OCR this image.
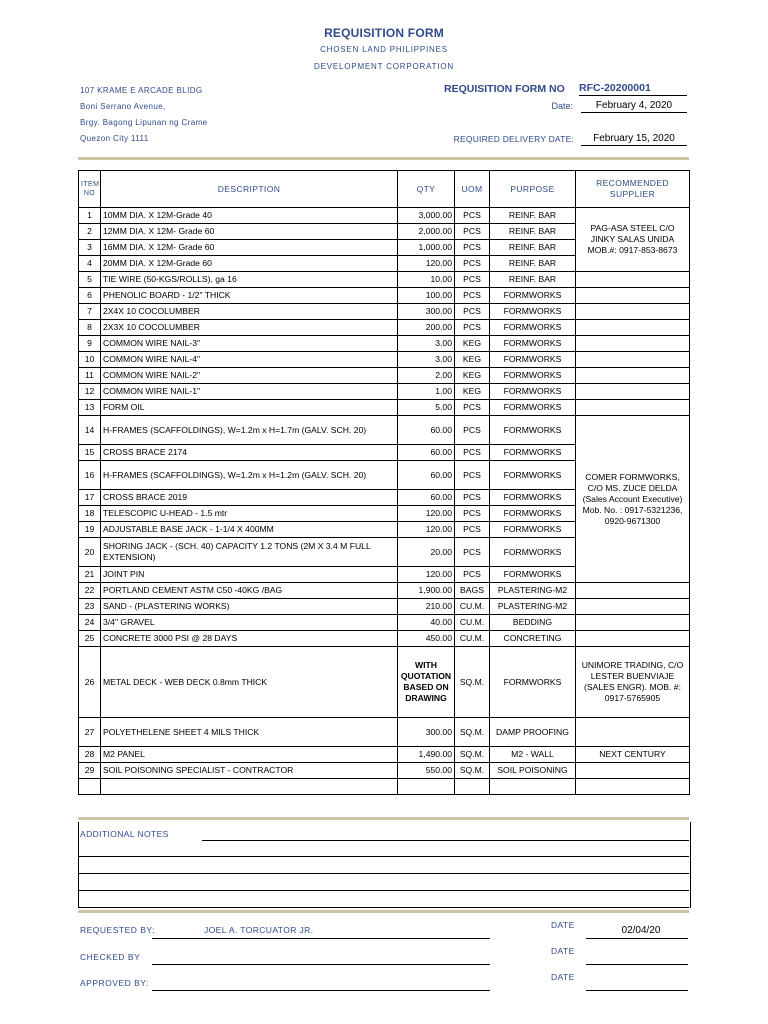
REQUISITION FORM
CHOSEN LAND PHILIPPINES
DEVELOPMENT CORPORATION
107 KRAME E ARCADE BLIDG
Boni Serrano Avenue,
Brgy. Bagong Lipunan ng Crame
Quezon City 1111
REQUISITION FORM NO RFC-20200001
Date:	February 4, 2020
REQUIRED DELIVERY DATE:	February 15, 2020
ITEM NO	DESCRIPTION	QTY	UOM	PURPOSE	RECOMMENDED SUPPLIER
1	10MM DIA. X 12M-Grade 40	3,000.00	PCS	REINF. BAR	PAG-ASA STEEL C/O JINKY SALAS UNIDA MOB.#: 0917-853-8673
2	12MM DIA. X 12M- Grade 60	2,000.00	PCS	REINF. BAR	
3	16MM DIA. X 12M- Grade 60	1,000.00	PCS	REINF. BAR	
4	20MM DIA. X 12M-Grade 60	120.00	PCS	REINF. BAR	
5	TIE WIRE (50-KGS/ROLLS), ga 16	10.00	PCS	REINF. BAR	
6	PHENOLIC BOARD - 1/2" THICK	100.00	PCS	FORMWORKS	
7	2X4X 10 COCOLUMBER	300.00	PCS	FORMWORKS	
8	2X3X 10 COCOLUMBER	200.00	PCS	FORMWORKS	
9	COMMON WIRE NAIL-3"	3.00	KEG	FORMWORKS	
10	COMMON WIRE NAIL-4"	3.00	KEG	FORMWORKS	
11	COMMON WIRE NAIL-2"	2.00	KEG	FORMWORKS	
12	COMMON WIRE NAIL-1"	1.00	KEG	FORMWORKS	
13	FORM OIL	5.00	PCS	FORMWORKS	
14	H-FRAMES (SCAFFOLDINGS), W=1.2m x H=1.7m (GALV. SCH. 20)	60.00	PCS	FORMWORKS	COMER FORMWORKS, C/O MS. ZUCE DELDA (Sales Account Executive) Mob. No. : 0917-5321236, 0920-9671300
15	CROSS BRACE 2174	60.00	PCS	FORMWORKS	
16	H-FRAMES (SCAFFOLDINGS), W=1.2m x H=1.2m (GALV. SCH. 20)	60.00	PCS	FORMWORKS	
17	CROSS BRACE 2019	60.00	PCS	FORMWORKS	
18	TELESCOPIC U-HEAD - 1.5 mtr	120.00	PCS	FORMWORKS	
19	ADJUSTABLE BASE JACK - 1-1/4 X 400MM	120.00	PCS	FORMWORKS	
20	SHORING JACK - (SCH. 40) CAPACITY 1.2 TONS (2M X 3.4 M FULL EXTENSION)	20.00	PCS	FORMWORKS	
21	JOINT PIN	120.00	PCS	FORMWORKS	
22	PORTLAND CEMENT ASTM C50 -40KG /BAG	1,900.00	BAGS	PLASTERING-M2	
23	SAND - (PLASTERING WORKS)	210.00	CU.M.	PLASTERING-M2	
24	3/4" GRAVEL	40.00	CU.M.	BEDDING	
25	CONCRETE 3000 PSI @ 28 DAYS	450.00	CU.M.	CONCRETING	
26	METAL DECK - WEB DECK 0.8mm THICK	WITH QUOTATION BASED ON DRAWING	SQ.M.	FORMWORKS	UNIMORE TRADING, C/O LESTER BUENVIAJE (SALES ENGR). MOB. #: 0917-5765905
27	POLYETHELENE SHEET 4 MILS THICK	300.00	SQ.M.	DAMP PROOFING	
28	M2 PANEL	1,490.00	SQ.M.	M2 - WALL	NEXT CENTURY
29	SOIL POISONING SPECIALIST - CONTRACTOR	550.00	SQ.M.	SOIL POISONING	

ADDITIONAL NOTES
REQUESTED BY:	JOEL A. TORCUATOR JR.	DATE	02/04/20
CHECKED BY
DATE
APPROVED BY:
DATE
